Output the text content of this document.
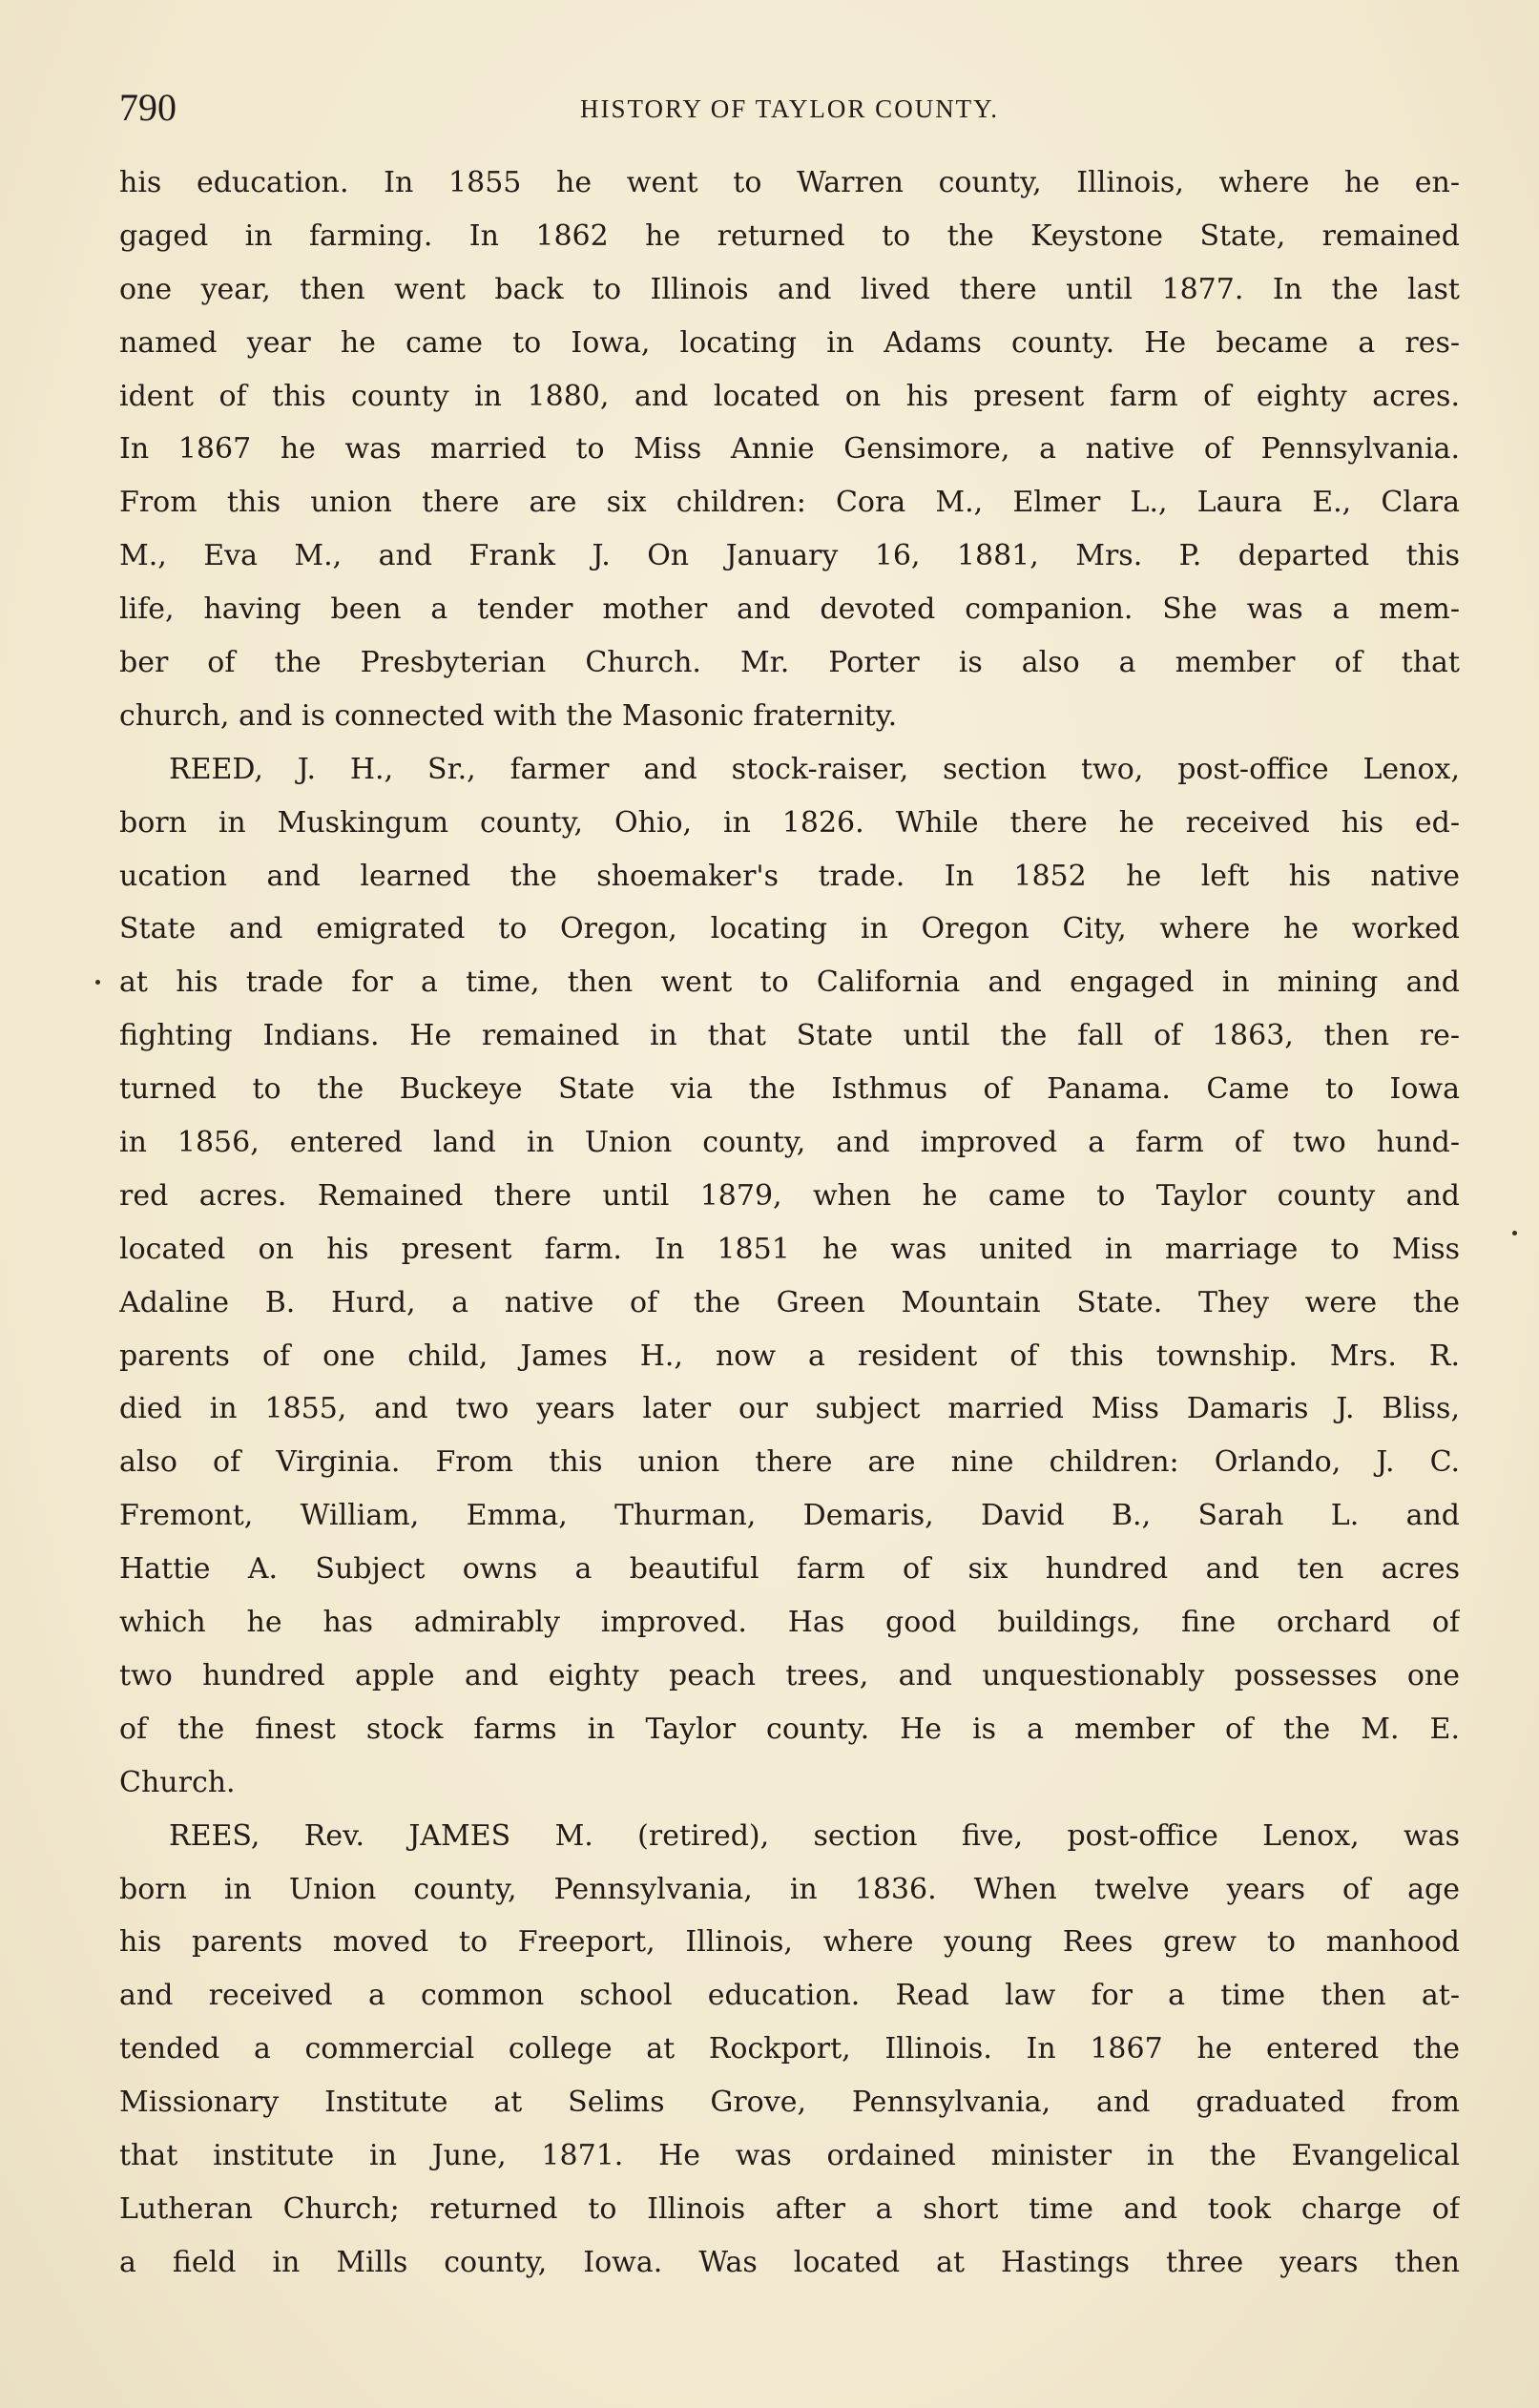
790	HISTORY OF TAYLOR COUNTY.
his education. In 1855 he went to Warren county, Illinois, where he en-
gaged in farming. In 1862 he returned to the Keystone State, remained
one year, then went back to Illinois and lived there until 1877. In the last
named year he came to Iowa, locating in Adams county. He became a res-
ident of this county in 1880, and located on his present farm of eighty acres.
In 1867 he was married to Miss Annie Gensimore, a native of Pennsylvania.
From this union there are six children: Cora M., Elmer L., Laura E., Clara
M., Eva M., and Frank J. On January 16, 1881, Mrs. P. departed this
life, having been a tender mother and devoted companion. She was a mem-
ber of the Presbyterian Church. Mr. Porter is also a member of that
church, and is connected with the Masonic fraternity.
REED, J. H., Sr., farmer and stock-raiser, section two, post-office Lenox,
born in Muskingum county, Ohio, in 1826. While there he received his ed-
ucation and learned the shoemaker's trade. In 1852 he left his native
State and emigrated to Oregon, locating in Oregon City, where he worked
at his trade for a time, then went to California and engaged in mining and
fighting Indians. He remained in that State until the fall of 1863, then re-
turned to the Buckeye State via the Isthmus of Panama. Came to Iowa
in 1856, entered land in Union county, and improved a farm of two hund-
red acres. Remained there until 1879, when he came to Taylor county and
located on his present farm. In 1851 he was united in marriage to Miss
Adaline B. Hurd, a native of the Green Mountain State. They were the
parents of one child, James H., now a resident of this township. Mrs. R.
died in 1855, and two years later our subject married Miss Damaris J. Bliss,
also of Virginia. From this union there are nine children: Orlando, J. C.
Fremont, William, Emma, Thurman, Demaris, David B., Sarah L. and
Hattie A. Subject owns a beautiful farm of six hundred and ten acres
which he has admirably improved. Has good buildings, fine orchard of
two hundred apple and eighty peach trees, and unquestionably possesses one
of the finest stock farms in Taylor county. He is a member of the M. E.
Church.
REES, Rev. JAMES M. (retired), section five, post-office Lenox, was
born in Union county, Pennsylvania, in 1836. When twelve years of age
his parents moved to Freeport, Illinois, where young Rees grew to manhood
and received a common school education. Read law for a time then at-
tended a commercial college at Rockport, Illinois. In 1867 he entered the
Missionary Institute at Selims Grove, Pennsylvania, and graduated from
that institute in June, 1871. He was ordained minister in the Evangelical
Lutheran Church; returned to Illinois after a short time and took charge of
a field in Mills county, Iowa. Was located at Hastings three years then
